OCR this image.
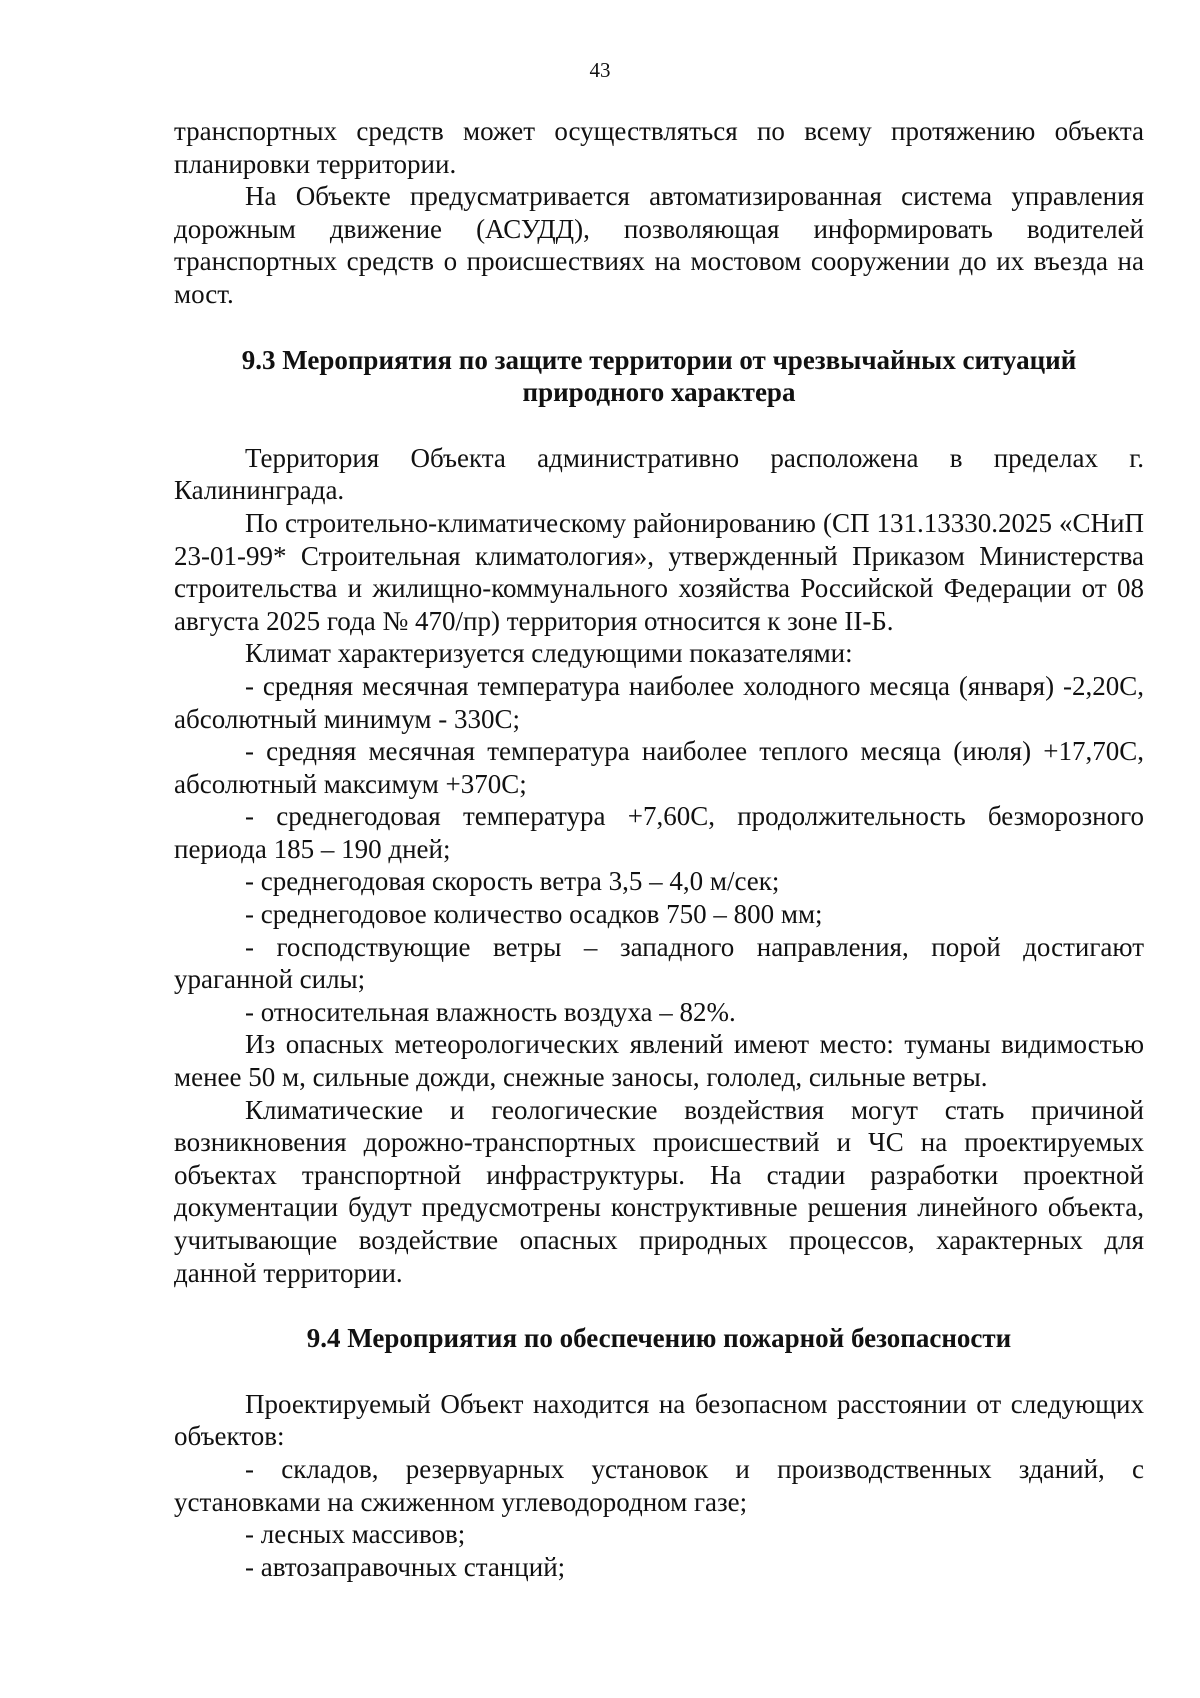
43

транспортных средств может осуществляться по всему протяжению объекта планировки территории.

На Объекте предусматривается автоматизированная система управления дорожным движение (АСУДД), позволяющая информировать водителей транспортных средств о происшествиях на мостовом сооружении до их въезда на мост.

9.3 Мероприятия по защите территории от чрезвычайных ситуаций природного характера

Территория Объекта административно расположена в пределах г. Калининграда.

По строительно-климатическому районированию (СП 131.13330.2025 «СНиП 23-01-99* Строительная климатология», утвержденный Приказом Министерства строительства и жилищно-коммунального хозяйства Российской Федерации от 08 августа 2025 года № 470/пр) территория относится к зоне II-Б.

Климат характеризуется следующими показателями:

- средняя месячная температура наиболее холодного месяца (января) -2,20С, абсолютный минимум - 330С;

- средняя месячная температура наиболее теплого месяца (июля) +17,70С, абсолютный максимум +370С;

- среднегодовая температура +7,60С, продолжительность безморозного периода 185 – 190 дней;

- среднегодовая скорость ветра 3,5 – 4,0 м/сек;

- среднегодовое количество осадков 750 – 800 мм;

- господствующие ветры – западного направления, порой достигают ураганной силы;

- относительная влажность воздуха – 82%.

Из опасных метеорологических явлений имеют место: туманы видимостью менее 50 м, сильные дожди, снежные заносы, гололед, сильные ветры.

Климатические и геологические воздействия могут стать причиной возникновения дорожно-транспортных происшествий и ЧС на проектируемых объектах транспортной инфраструктуры. На стадии разработки проектной документации будут предусмотрены конструктивные решения линейного объекта, учитывающие воздействие опасных природных процессов, характерных для данной территории.

9.4 Мероприятия по обеспечению пожарной безопасности

Проектируемый Объект находится на безопасном расстоянии от следующих объектов:

- складов, резервуарных установок и производственных зданий, с установками на сжиженном углеводородном газе;

- лесных массивов;

- автозаправочных станций;
